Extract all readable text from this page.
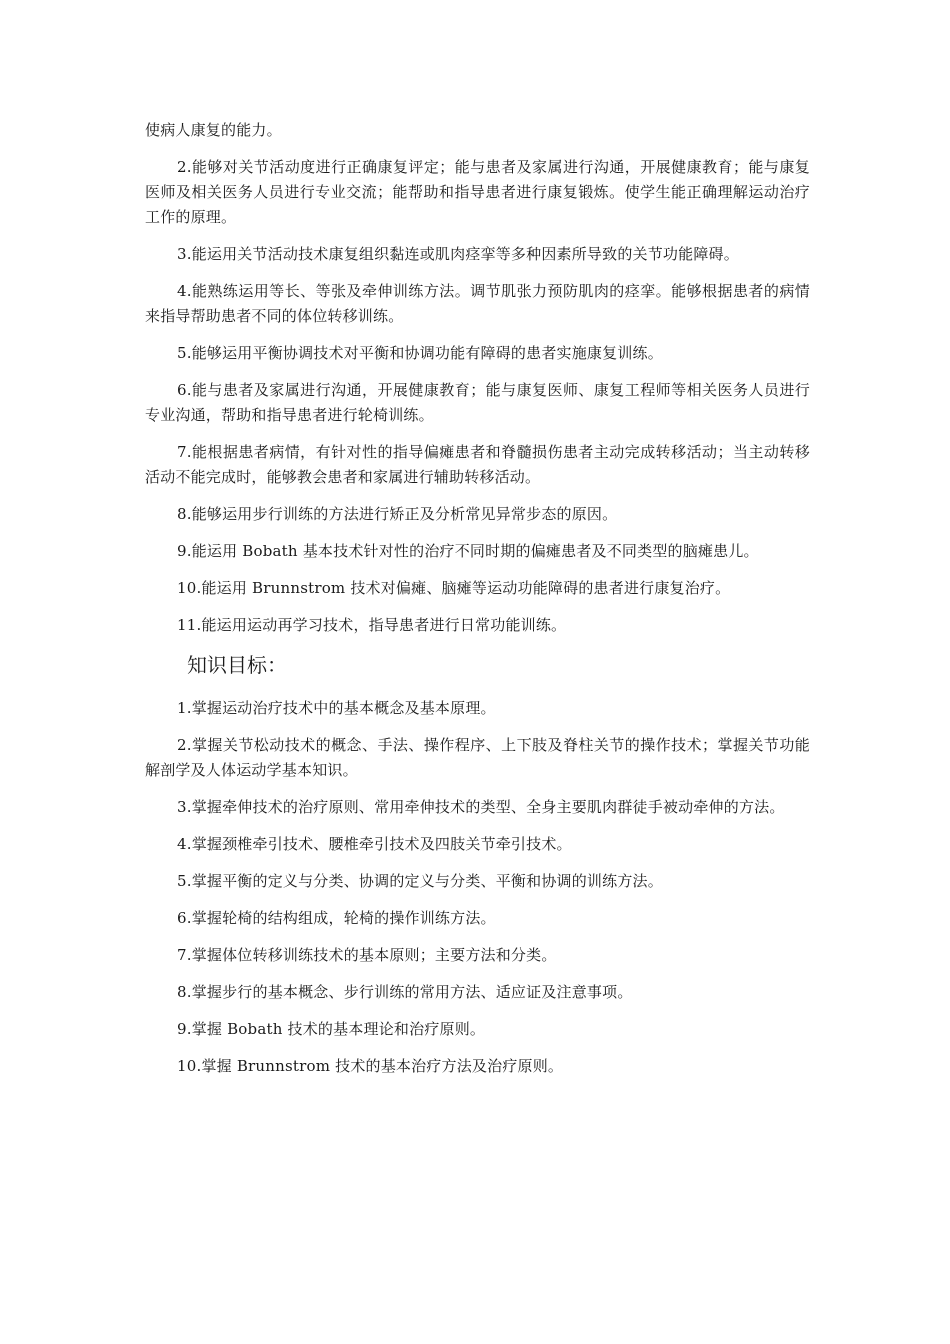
使病人康复的能力。

2.能够对关节活动度进行正确康复评定；能与患者及家属进行沟通，开展健康教育；能与康复医师及相关医务人员进行专业交流；能帮助和指导患者进行康复锻炼。使学生能正确理解运动治疗工作的原理。

3.能运用关节活动技术康复组织黏连或肌肉痉挛等多种因素所导致的关节功能障碍。

4.能熟练运用等长、等张及牵伸训练方法。调节肌张力预防肌肉的痉挛。能够根据患者的病情来指导帮助患者不同的体位转移训练。

5.能够运用平衡协调技术对平衡和协调功能有障碍的患者实施康复训练。

6.能与患者及家属进行沟通，开展健康教育；能与康复医师、康复工程师等相关医务人员进行专业沟通，帮助和指导患者进行轮椅训练。

7.能根据患者病情，有针对性的指导偏瘫患者和脊髓损伤患者主动完成转移活动；当主动转移活动不能完成时，能够教会患者和家属进行辅助转移活动。

8.能够运用步行训练的方法进行矫正及分析常见异常步态的原因。

9.能运用 Bobath 基本技术针对性的治疗不同时期的偏瘫患者及不同类型的脑瘫患儿。

10.能运用 Brunnstrom 技术对偏瘫、脑瘫等运动功能障碍的患者进行康复治疗。

11.能运用运动再学习技术，指导患者进行日常功能训练。

知识目标：

1.掌握运动治疗技术中的基本概念及基本原理。

2.掌握关节松动技术的概念、手法、操作程序、上下肢及脊柱关节的操作技术；掌握关节功能解剖学及人体运动学基本知识。

3.掌握牵伸技术的治疗原则、常用牵伸技术的类型、全身主要肌肉群徒手被动牵伸的方法。

4.掌握颈椎牵引技术、腰椎牵引技术及四肢关节牵引技术。

5.掌握平衡的定义与分类、协调的定义与分类、平衡和协调的训练方法。

6.掌握轮椅的结构组成，轮椅的操作训练方法。

7.掌握体位转移训练技术的基本原则；主要方法和分类。

8.掌握步行的基本概念、步行训练的常用方法、适应证及注意事项。

9.掌握 Bobath 技术的基本理论和治疗原则。

10.掌握 Brunnstrom 技术的基本治疗方法及治疗原则。
